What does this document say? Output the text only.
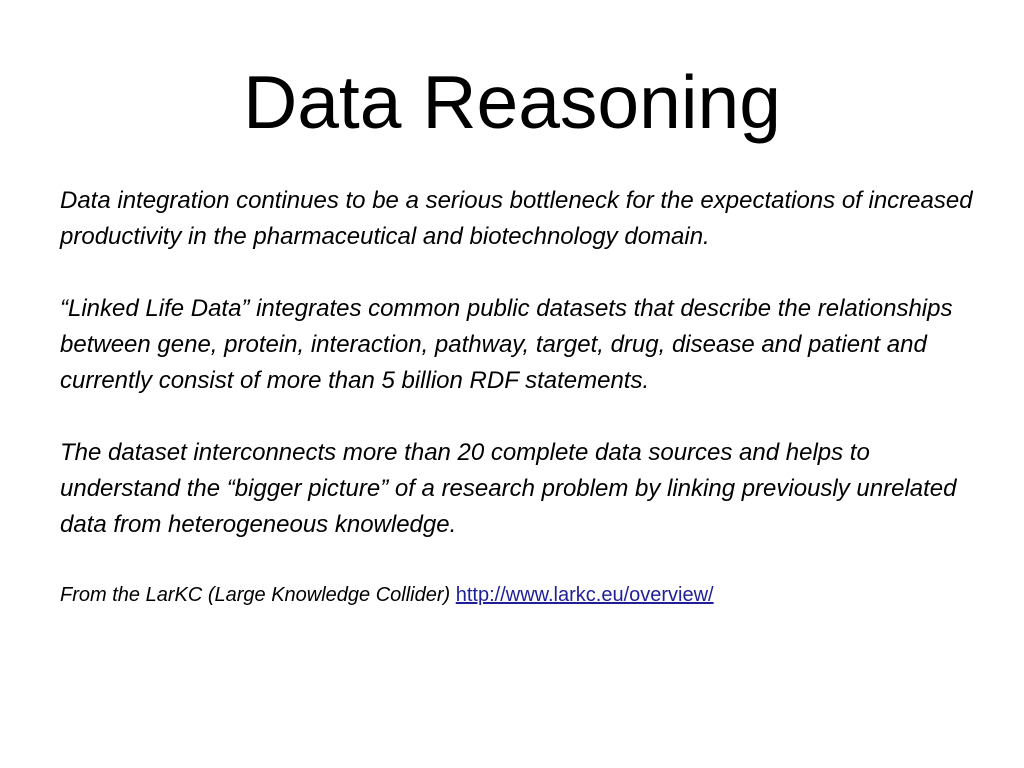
Data Reasoning

Data integration continues to be a serious bottleneck for the expectations of increased productivity in the pharmaceutical and biotechnology domain.

“Linked Life Data” integrates common public datasets that describe the relationships between gene, protein, interaction, pathway, target, drug, disease and patient and currently consist of more than 5 billion RDF statements.

The dataset interconnects more than 20 complete data sources and helps to understand the “bigger picture” of a research problem by linking previously unrelated data from heterogeneous knowledge.

From the LarKC (Large Knowledge Collider) http://www.larkc.eu/overview/
